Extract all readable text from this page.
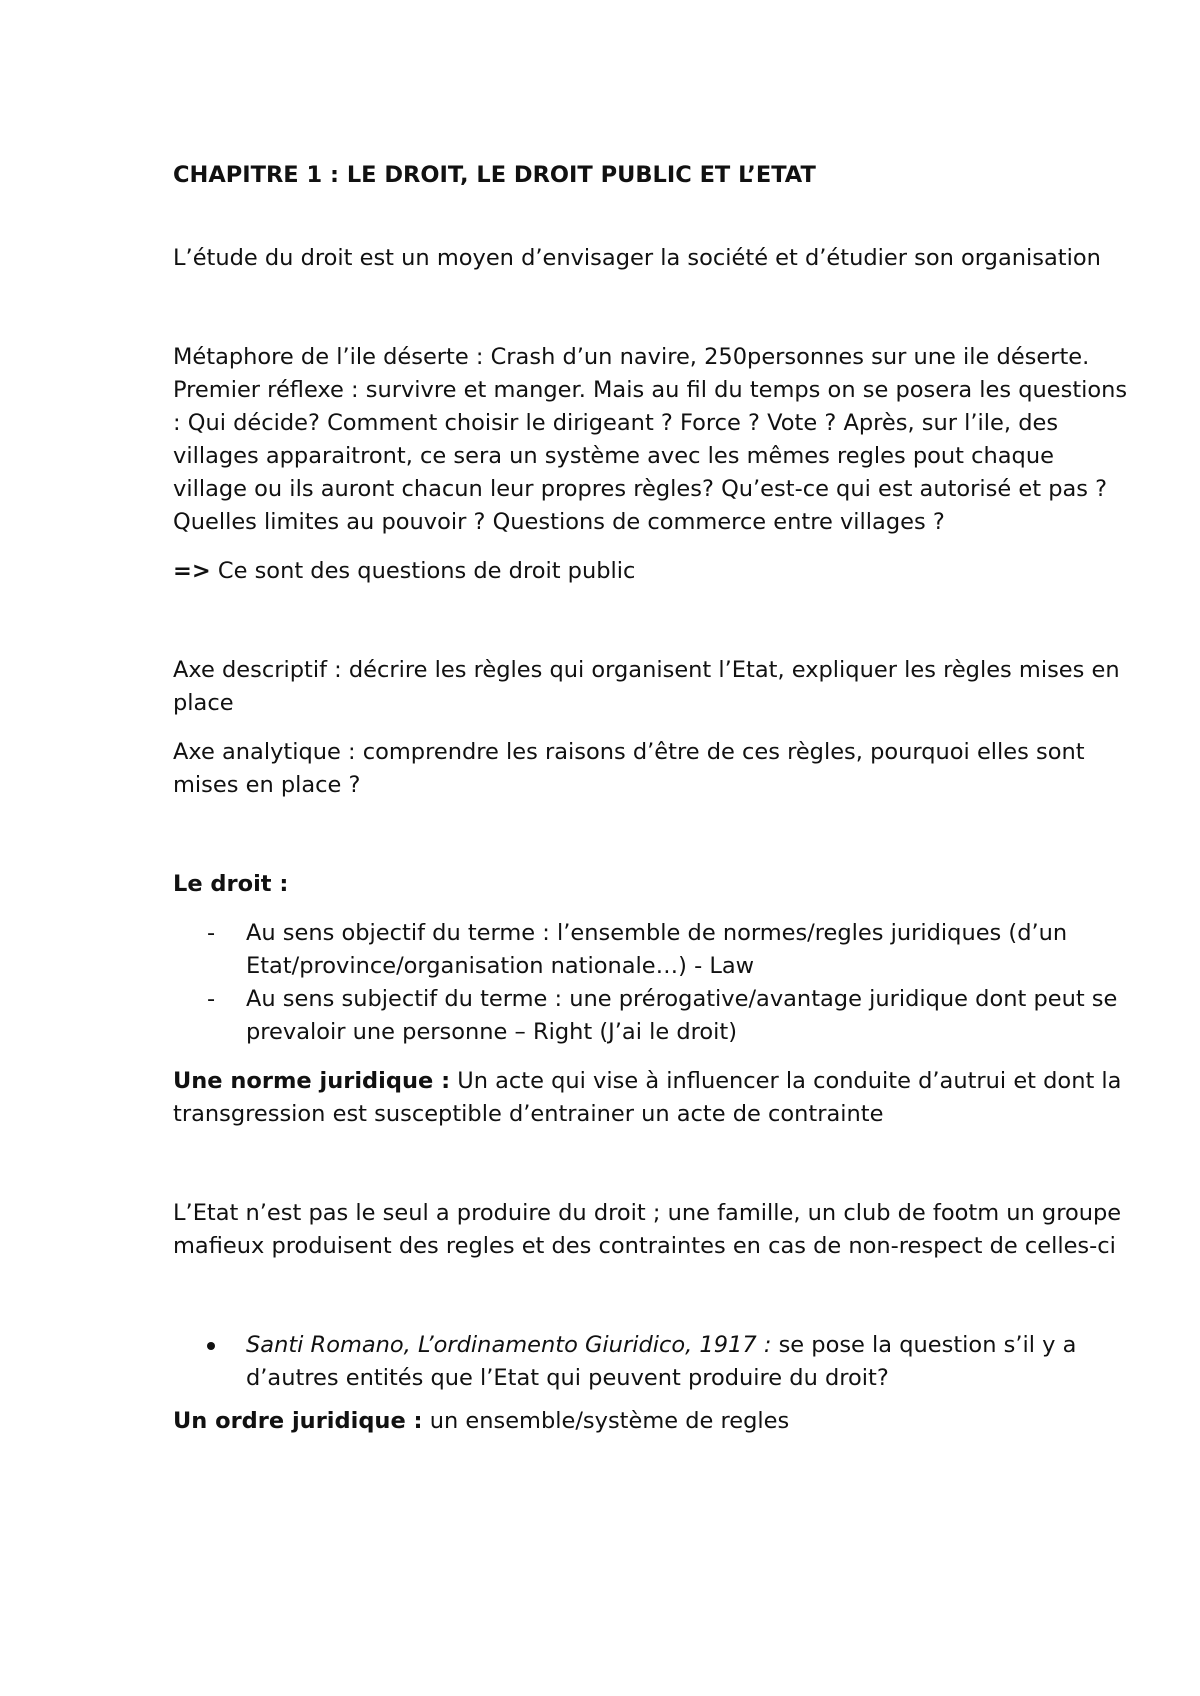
CHAPITRE 1 : LE DROIT, LE DROIT PUBLIC ET L’ETAT

L’étude du droit est un moyen d’envisager la société et d’étudier son organisation

Métaphore de l’ile déserte : Crash d’un navire, 250personnes sur une ile déserte. Premier réflexe : survivre et manger. Mais au fil du temps on se posera les questions : Qui décide? Comment choisir le dirigeant ? Force ? Vote ? Après, sur l’ile, des villages apparaitront, ce sera un système avec les mêmes regles pout chaque village ou ils auront chacun leur propres règles? Qu’est-ce qui est autorisé et pas ? Quelles limites au pouvoir ? Questions de commerce entre villages ?

=> Ce sont des questions de droit public

Axe descriptif : décrire les règles qui organisent l’Etat, expliquer les règles mises en place

Axe analytique : comprendre les raisons d’être de ces règles, pourquoi elles sont mises en place ?

Le droit :

- Au sens objectif du terme : l’ensemble de normes/regles juridiques (d’un Etat/province/organisation nationale…) - Law
- Au sens subjectif du terme : une prérogative/avantage juridique dont peut se prevaloir une personne – Right (J’ai le droit)

Une norme juridique : Un acte qui vise à influencer la conduite d’autrui et dont la transgression est susceptible d’entrainer un acte de contrainte

L’Etat n’est pas le seul a produire du droit ; une famille, un club de footm un groupe mafieux produisent des regles et des contraintes en cas de non-respect de celles-ci

Santi Romano, L’ordinamento Giuridico, 1917 : se pose la question s’il y a d’autres entités que l’Etat qui peuvent produire du droit?

Un ordre juridique : un ensemble/système de regles
